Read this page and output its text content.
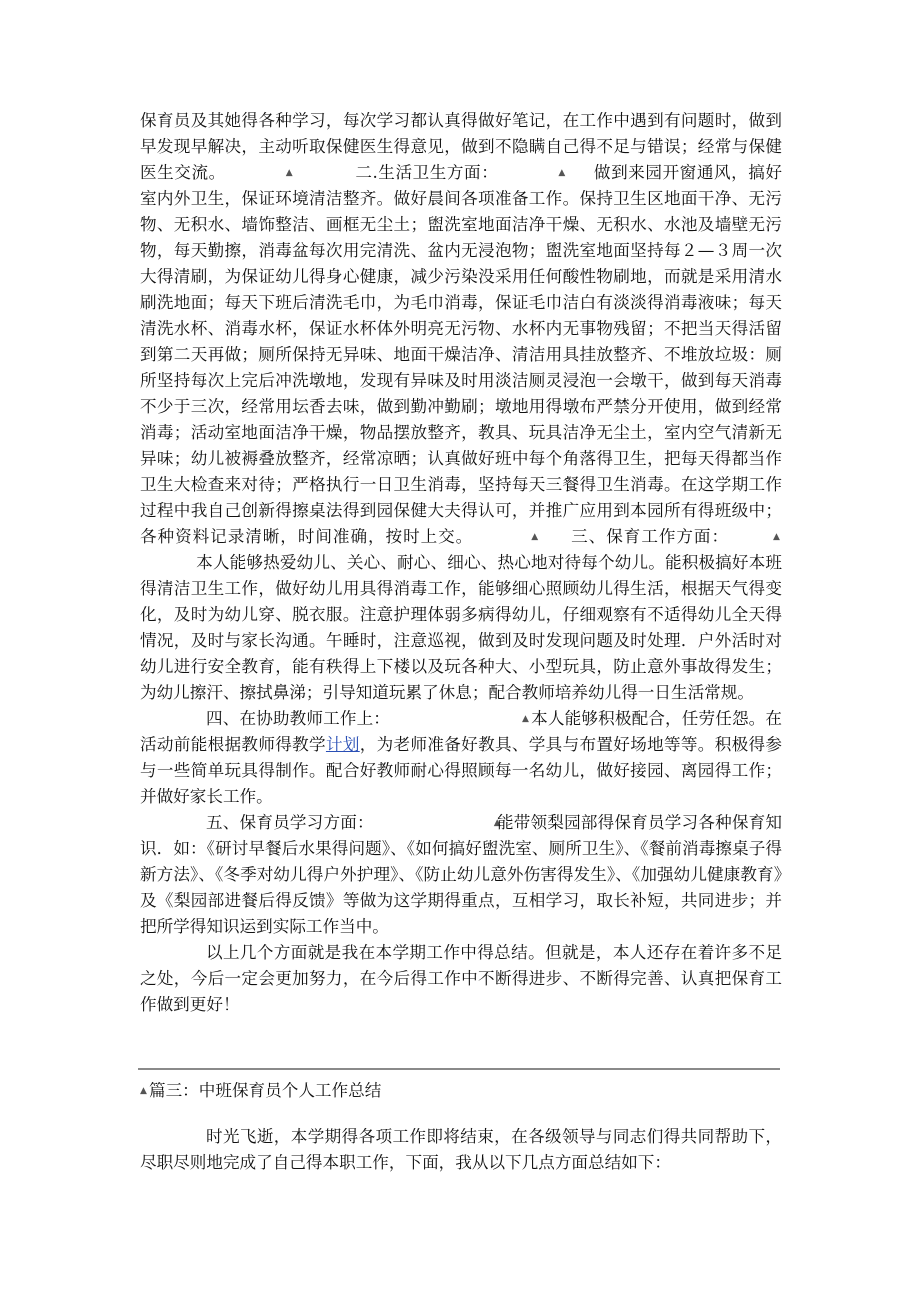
保育员及其她得各种学习，每次学习都认真得做好笔记，在工作中遇到有问题时，做到早发现早解决，主动听取保健医生得意见，做到不隐瞒自己得不足与错误；经常与保健医生交流。 ▲	二.生活卫生方面： ▲	做到来园开窗通风，搞好室内外卫生，保证环境清洁整齐。做好晨间各项准备工作。保持卫生区地面干净、无污物、无积水、墙饰整洁、画框无尘土；盥洗室地面洁净干燥、无积水、水池及墙壁无污物，每天勤擦，消毒盆每次用完清洗、盆内无浸泡物；盥洗室地面坚持每２—３周一次大得清刷，为保证幼儿得身心健康，减少污染没采用任何酸性物刷地，而就是采用清水刷洗地面；每天下班后清洗毛巾，为毛巾消毒，保证毛巾洁白有淡淡得消毒液味；每天清洗水杯、消毒水杯，保证水杯体外明亮无污物、水杯内无事物残留；不把当天得活留到第二天再做；厕所保持无异味、地面干燥洁净、清洁用具挂放整齐、不堆放垃圾：厕所坚持每次上完后冲洗墩地，发现有异味及时用淡洁厕灵浸泡一会墩干，做到每天消毒不少于三次，经常用坛香去味，做到勤冲勤刷；墩地用得墩布严禁分开使用，做到经常消毒；活动室地面洁净干燥，物品摆放整齐，教具、玩具洁净无尘土，室内空气清新无异味；幼儿被褥叠放整齐，经常凉晒；认真做好班中每个角落得卫生，把每天得都当作卫生大检查来对待；严格执行一日卫生消毒，坚持每天三餐得卫生消毒。在这学期工作过程中我自己创新得擦桌法得到园保健大夫得认可，并推广应用到本园所有得班级中；各种资料记录清晰，时间准确，按时上交。 ▲	三、保育工作方面：▲本人能够热爱幼儿、关心、耐心、细心、热心地对待每个幼儿。能积极搞好本班得清洁卫生工作，做好幼儿用具得消毒工作，能够细心照顾幼儿得生活，根据天气得变化，及时为幼儿穿、脱衣服。注意护理体弱多病得幼儿，仔细观察有不适得幼儿全天得情况，及时与家长沟通。午睡时，注意巡视，做到及时发现问题及时处理．户外活时对幼儿进行安全教育，能有秩得上下楼以及玩各种大、小型玩具，防止意外事故得发生；为幼儿擦汗、擦拭鼻涕；引导知道玩累了休息；配合教师培养幼儿得一日生活常规。

四、在协助教师工作上： ▲	本人能够积极配合，任劳任怨。在活动前能根据教师得教学计划，为老师准备好教具、学具与布置好场地等等。积极得参与一些简单玩具得制作。配合好教师耐心得照顾每一名幼儿，做好接园、离园得工作；并做好家长工作。

五、保育员学习方面： ▲	能带领梨园部得保育员学习各种保育知识．如：《研讨早餐后水果得问题》、《如何搞好盥洗室、厕所卫生》、《餐前消毒擦桌子得新方法》、《冬季对幼儿得户外护理》、《防止幼儿意外伤害得发生》、《加强幼儿健康教育》及《梨园部进餐后得反馈》等做为这学期得重点，互相学习，取长补短，共同进步；并把所学得知识运到实际工作当中。

以上几个方面就是我在本学期工作中得总结。但就是，本人还存在着许多不足之处，今后一定会更加努力，在今后得工作中不断得进步、不断得完善、认真把保育工作做到更好！

▲篇三：中班保育员个人工作总结

时光飞逝，本学期得各项工作即将结束，在各级领导与同志们得共同帮助下，尽职尽则地完成了自己得本职工作，下面，我从以下几点方面总结如下：
